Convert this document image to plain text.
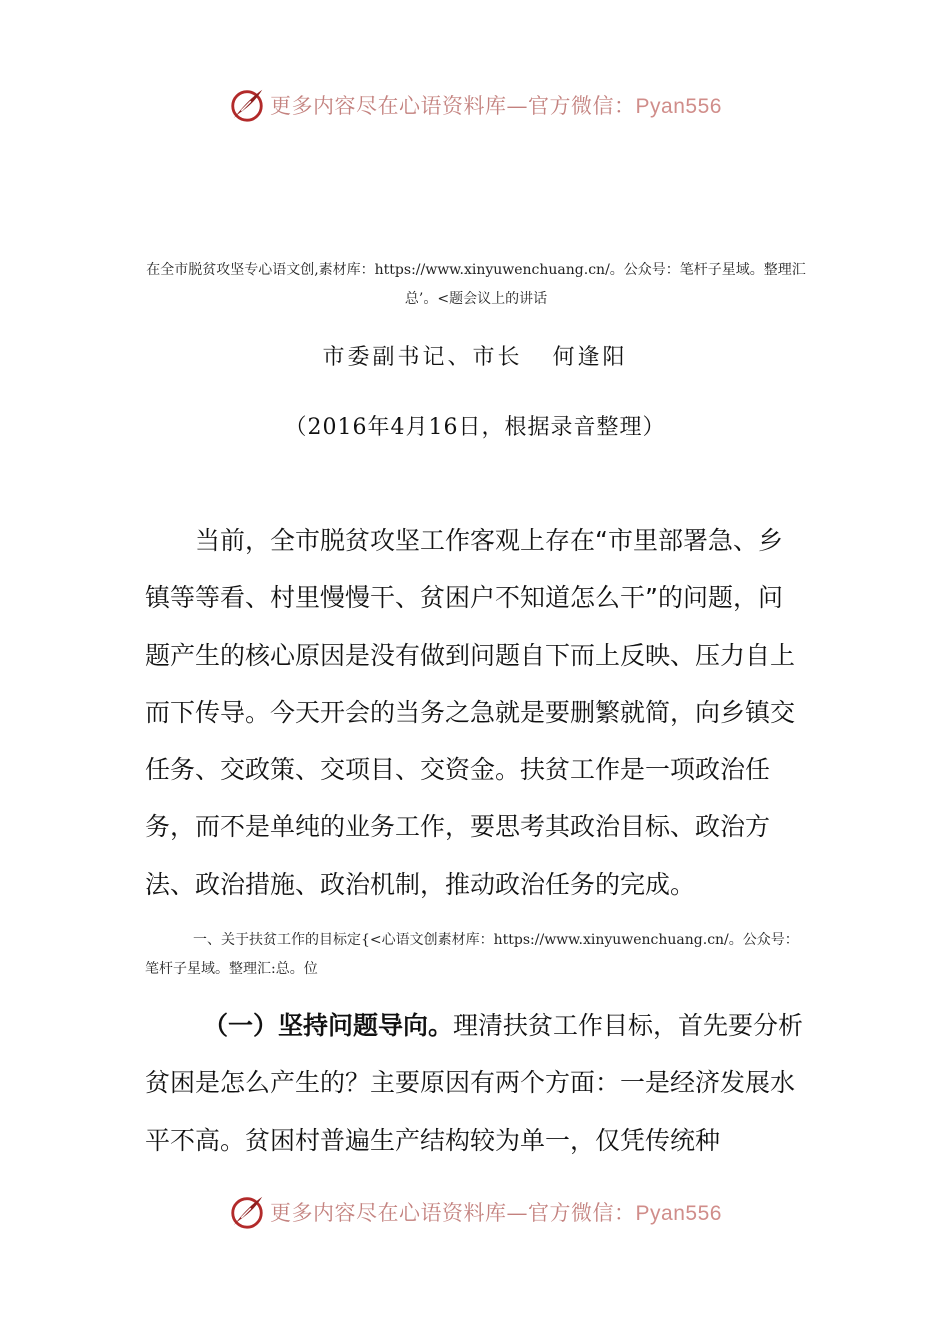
更多内容尽在心语资料库—官方微信：Pyan556
在全市脱贫攻坚专心语文创,素材库：https://www.xinyuwenchuang.cn/。公众号：笔杆子星域。整理汇总’。<题会议上的讲话
市委副书记、市长 何逢阳
（2016年4月16日，根据录音整理）
当前，全市脱贫攻坚工作客观上存在“市里部署急、乡镇等等看、村里慢慢干、贫困户不知道怎么干”的问题，问题产生的核心原因是没有做到问题自下而上反映、压力自上而下传导。今天开会的当务之急就是要删繁就简，向乡镇交任务、交政策、交项目、交资金。扶贫工作是一项政治任务，而不是单纯的业务工作，要思考其政治目标、政治方法、政治措施、政治机制，推动政治任务的完成。
一、关于扶贫工作的目标定{<心语文创素材库：https://www.xinyuwenchuang.cn/。公众号：笔杆子星域。整理汇:总。位
（一）坚持问题导向。理清扶贫工作目标，首先要分析贫困是怎么产生的？主要原因有两个方面：一是经济发展水平不高。贫困村普遍生产结构较为单一，仅凭传统种
更多内容尽在心语资料库—官方微信：Pyan556
